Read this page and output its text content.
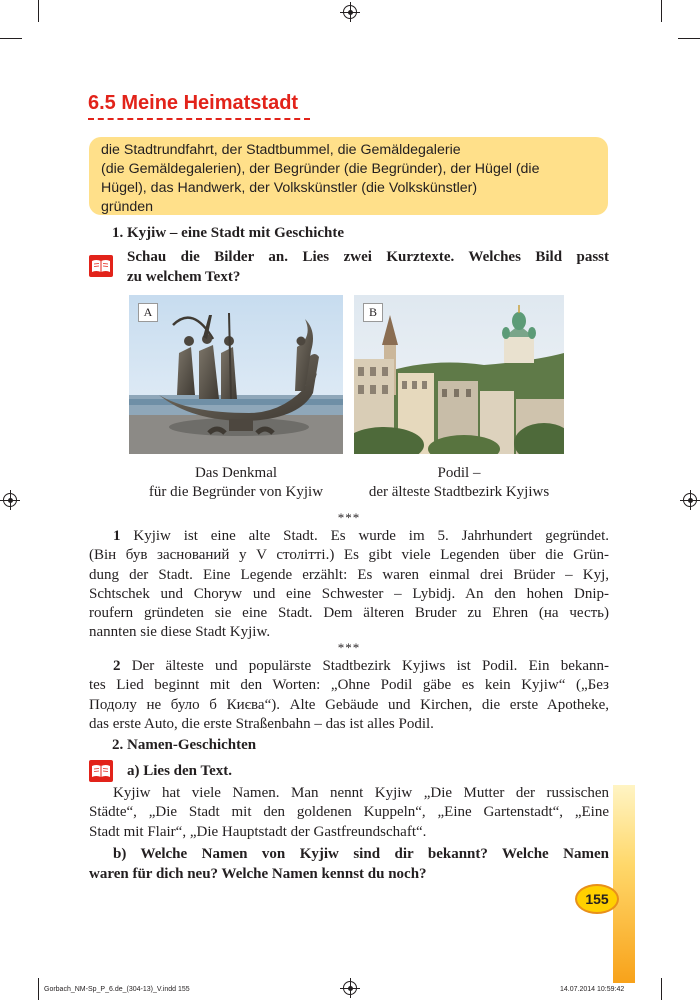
6.5 Meine Heimatstadt
die Stadtrundfahrt, der Stadtbummel, die Gemäldegalerie
(die Gemäldegalerien), der Begründer (die Begründer), der Hügel (die
Hügel), das Handwerk, der Volkskünstler (die Volkskünstler)
gründen
1. Kyjiw – eine Stadt mit Geschichte
Schau die Bilder an. Lies zwei Kurztexte. Welches Bild passt
zu welchem Text?
A	B
Das Denkmal
für die Begründer von Kyjiw
Podil –
der älteste Stadtbezirk Kyjiws
***
1 Kyjiw ist eine alte Stadt. Es wurde im 5. Jahrhundert gegründet.
(Він був заснований у V столітті.) Es gibt viele Legenden über die Grün-
dung der Stadt. Eine Legende erzählt: Es waren einmal drei Brüder – Kyj,
Schtschek und Choryw und eine Schwester – Lybidj. An den hohen Dnip-
roufern gründeten sie eine Stadt. Dem älteren Bruder zu Ehren (на честь)
nannten sie diese Stadt Kyjiw.
***
2 Der älteste und populärste Stadtbezirk Kyjiws ist Podil. Ein bekann-
tes Lied beginnt mit den Worten: „Ohne Podil gäbe es kein Kyjiw“ („Без
Подолу не було б Києва“). Alte Gebäude und Kirchen, die erste Apotheke,
das erste Auto, die erste Straßenbahn – das ist alles Podil.
2. Namen-Geschichten
a) Lies den Text.
Kyjiw hat viele Namen. Man nennt Kyjiw „Die Mutter der russischen
Städte“, „Die Stadt mit den goldenen Kuppeln“, „Eine Gartenstadt“, „Eine
Stadt mit Flair“, „Die Hauptstadt der Gastfreundschaft“.
b) Welche Namen von Kyjiw sind dir bekannt? Welche Namen
waren für dich neu? Welche Namen kennst du noch?
155
Gorbach_NM-Sp_P_6.de_(304-13)_V.indd 155	14.07.2014 10:59:42
